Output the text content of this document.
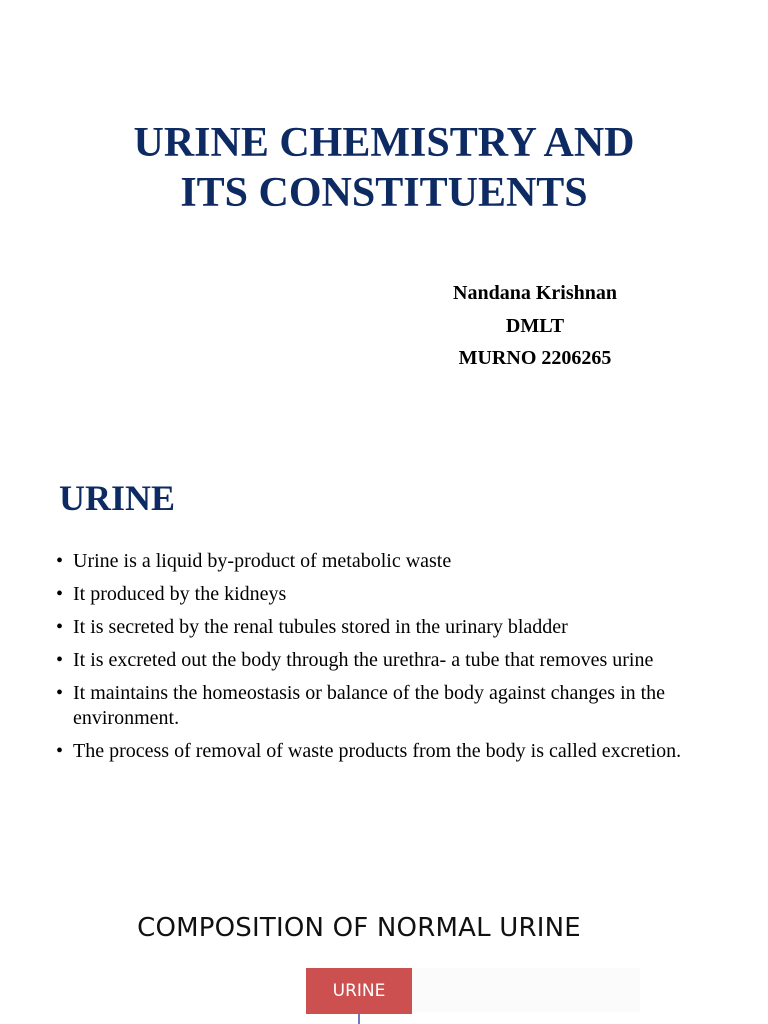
URINE CHEMISTRY AND
ITS CONSTITUENTS
Nandana Krishnan
DMLT
MURNO 2206265
URINE
• Urine is a liquid by-product of metabolic waste
• It produced by the kidneys
• It is secreted by the renal tubules stored in the urinary bladder
• It is excreted out the body through the urethra- a tube that removes urine
• It maintains the homeostasis or balance of the body against changes in the environment.
• The process of removal of waste products from the body is called excretion.
COMPOSITION OF NORMAL URINE
URINE
